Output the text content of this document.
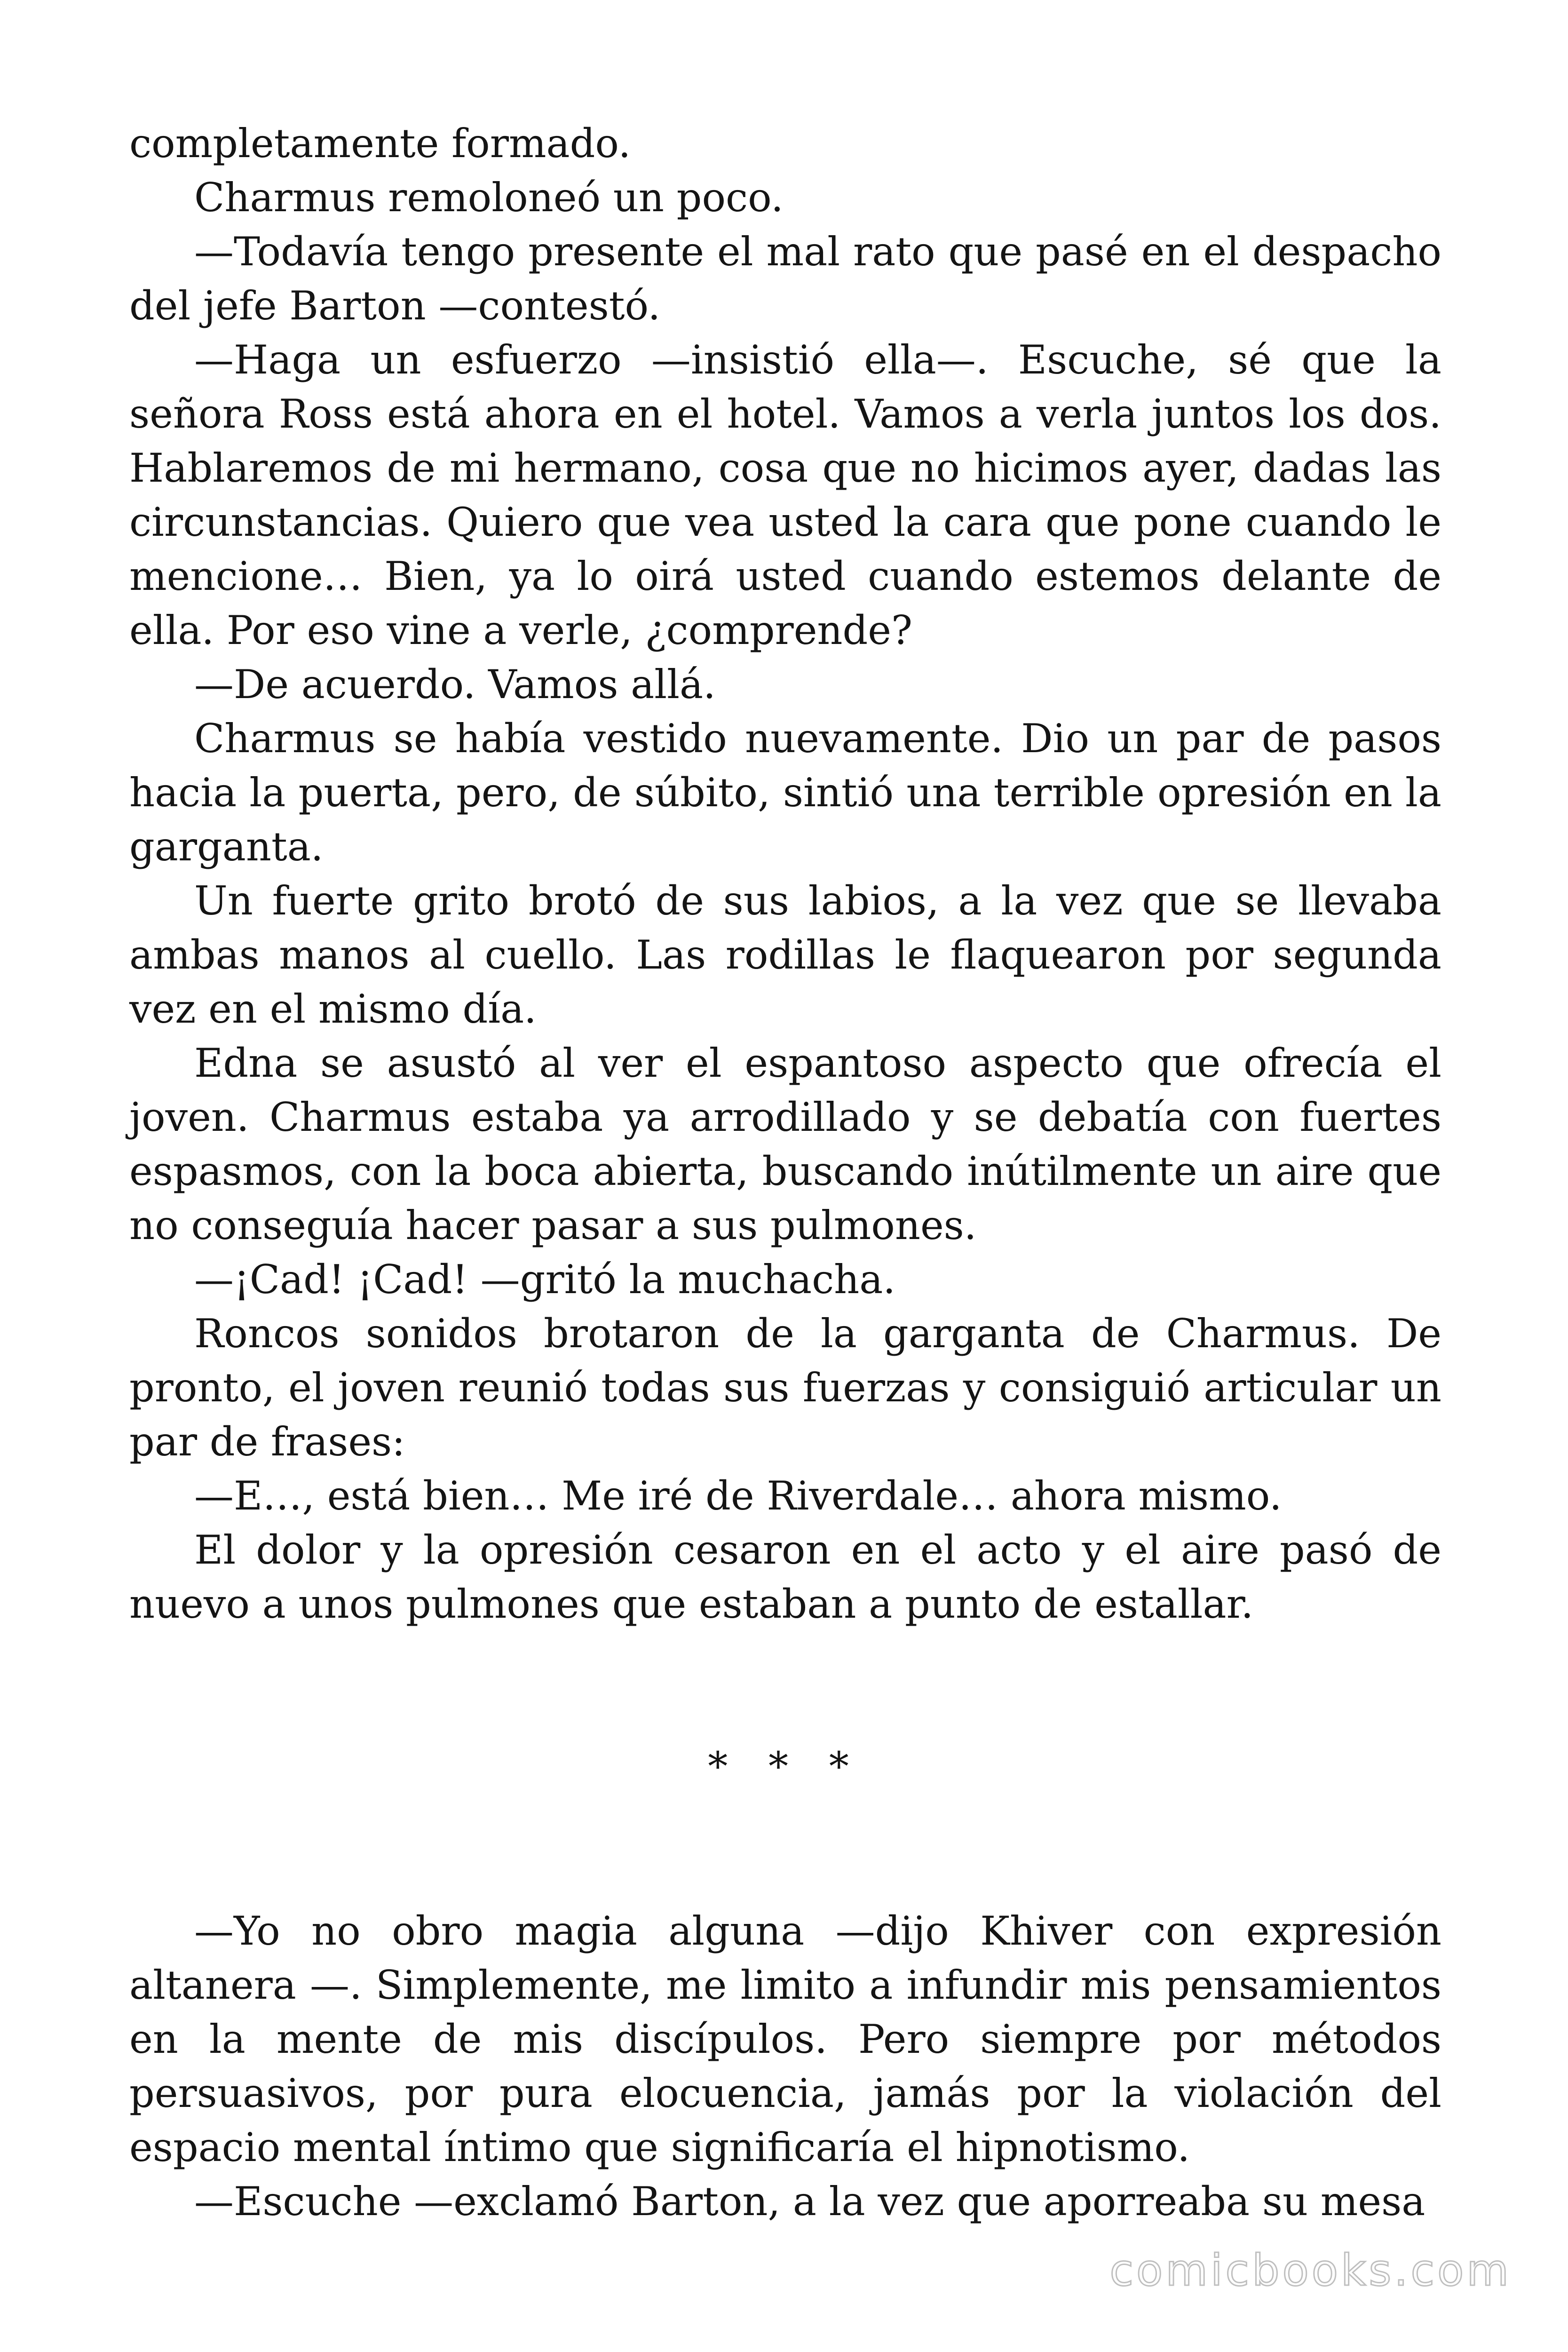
completamente formado.

Charmus remoloneó un poco.

—Todavía tengo presente el mal rato que pasé en el despacho del jefe Barton —contestó.

—Haga un esfuerzo —insistió ella—. Escuche, sé que la señora Ross está ahora en el hotel. Vamos a verla juntos los dos. Hablaremos de mi hermano, cosa que no hicimos ayer, dadas las circunstancias. Quiero que vea usted la cara que pone cuando le mencione… Bien, ya lo oirá usted cuando estemos delante de ella. Por eso vine a verle, ¿comprende?

—De acuerdo. Vamos allá.

Charmus se había vestido nuevamente. Dio un par de pasos hacia la puerta, pero, de súbito, sintió una terrible opresión en la garganta.

Un fuerte grito brotó de sus labios, a la vez que se llevaba ambas manos al cuello. Las rodillas le flaquearon por segunda vez en el mismo día.

Edna se asustó al ver el espantoso aspecto que ofrecía el joven. Charmus estaba ya arrodillado y se debatía con fuertes espasmos, con la boca abierta, buscando inútilmente un aire que no conseguía hacer pasar a sus pulmones.

—¡Cad! ¡Cad! —gritó la muchacha.

Roncos sonidos brotaron de la garganta de Charmus. De pronto, el joven reunió todas sus fuerzas y consiguió articular un par de frases:

—E…, está bien… Me iré de Riverdale… ahora mismo.

El dolor y la opresión cesaron en el acto y el aire pasó de nuevo a unos pulmones que estaban a punto de estallar.

* * *

—Yo no obro magia alguna —dijo Khiver con expresión altanera —. Simplemente, me limito a infundir mis pensamientos en la mente de mis discípulos. Pero siempre por métodos persuasivos, por pura elocuencia, jamás por la violación del espacio mental íntimo que significaría el hipnotismo.

—Escuche —exclamó Barton, a la vez que aporreaba su mesa

comicbooks.com
